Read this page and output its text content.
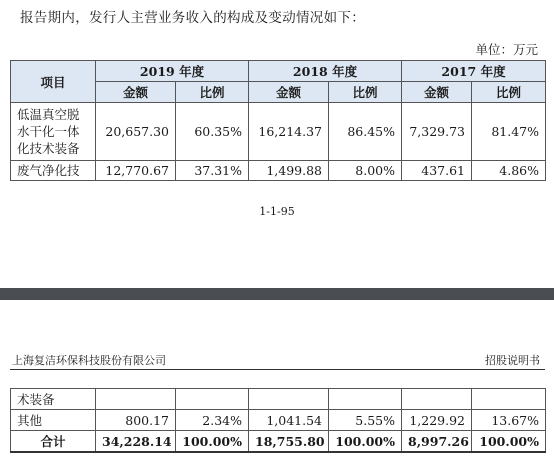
报告期内，发行人主营业务收入的构成及变动情况如下：
单位：万元
项目	2019 年度		2018 年度		2017 年度	
	金额	比例	金额	比例	金额	比例
低温真空脱水干化一体化技术装备	20,657.30	60.35%	16,214.37	86.45%	7,329.73	81.47%
废气净化技	12,770.67	37.31%	1,499.88	8.00%	437.61	4.86%
1-1-95
上海复洁环保科技股份有限公司	招股说明书
术装备						
其他	800.17	2.34%	1,041.54	5.55%	1,229.92	13.67%
合计	34,228.14	100.00%	18,755.80	100.00%	8,997.26	100.00%
